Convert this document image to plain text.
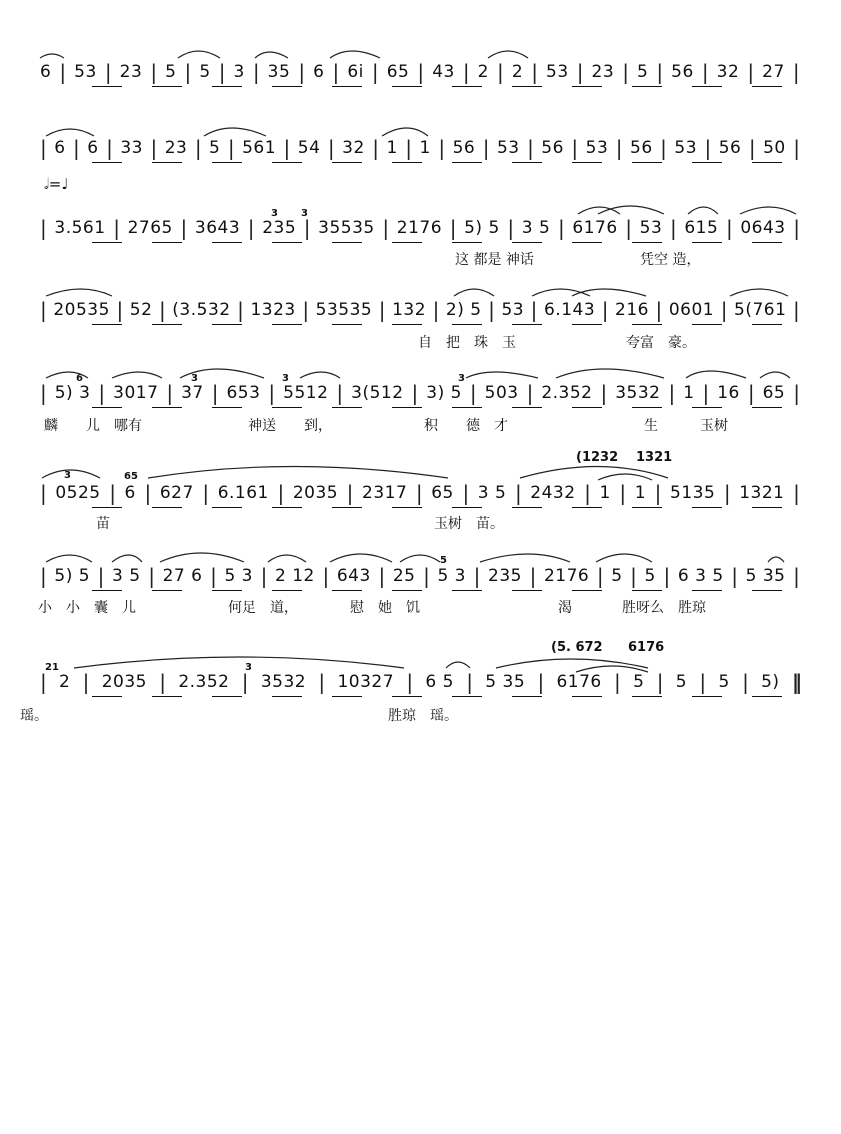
𝅗𝅥=♩
6 | 53 | 23 | 5 | 5 | 3 | 35 | 6 | 6i | 65 | 43 | 2 | 2 | 53 | 23 | 5 | 56 | 32 | 27 |
| 6 | 6 | 33 | 23 | 5 | 561 | 54 | 32 | 1 | 1 | 56 | 53 | 56 | 53 | 56 | 53 | 56 | 50 |
| 3.561 | 2765 | 3643 | 235 | 35535 | 2176 | 5) 5 | 3 5 | 6176 | 53 | 615 | 0643 |
| 20535 | 52 | (3.532 | 1323 | 53535 | 132 | 2) 5 | 53 | 6.143 | 216 | 0601 | 5(761 |
| 5) 3 | 3017 | 37 | 653 | 5512 | 3(512 | 3) 5 | 503 | 2.352 | 3532 | 1 | 16 | 65 |
| 0525 | 6 | 627 | 6.161 | 2035 | 2317 | 65 | 3 5 | 2432 | 1 | 1 | 5135 | 1321 |
| 5) 5 | 3 5 | 27 6 | 5 3 | 2 12 | 643 | 25 | 5 3 | 235 | 2176 | 5 | 5 | 6 3 5 | 5 35 |
| 2 | 2035 | 2.352 | 3532 | 10327 | 6 5 | 5 35 | 6176 | 5 | 5 | 5 | 5) ‖
这 都是 神话	凭空 造，
自　把　珠　玉	夸富　豪。
麟　　儿　哪有	神送　　到，	积　　德　才	生　　　玉树
苗	玉树　苗。
小　小　囊　儿	何足　道，	慰　她　饥	渴	胜呀么　胜琼
瑶。	胜琼　瑶。
(1232 1321
(5. 672 6176
3 3
6	3	3	3
3	65
5
21	3
